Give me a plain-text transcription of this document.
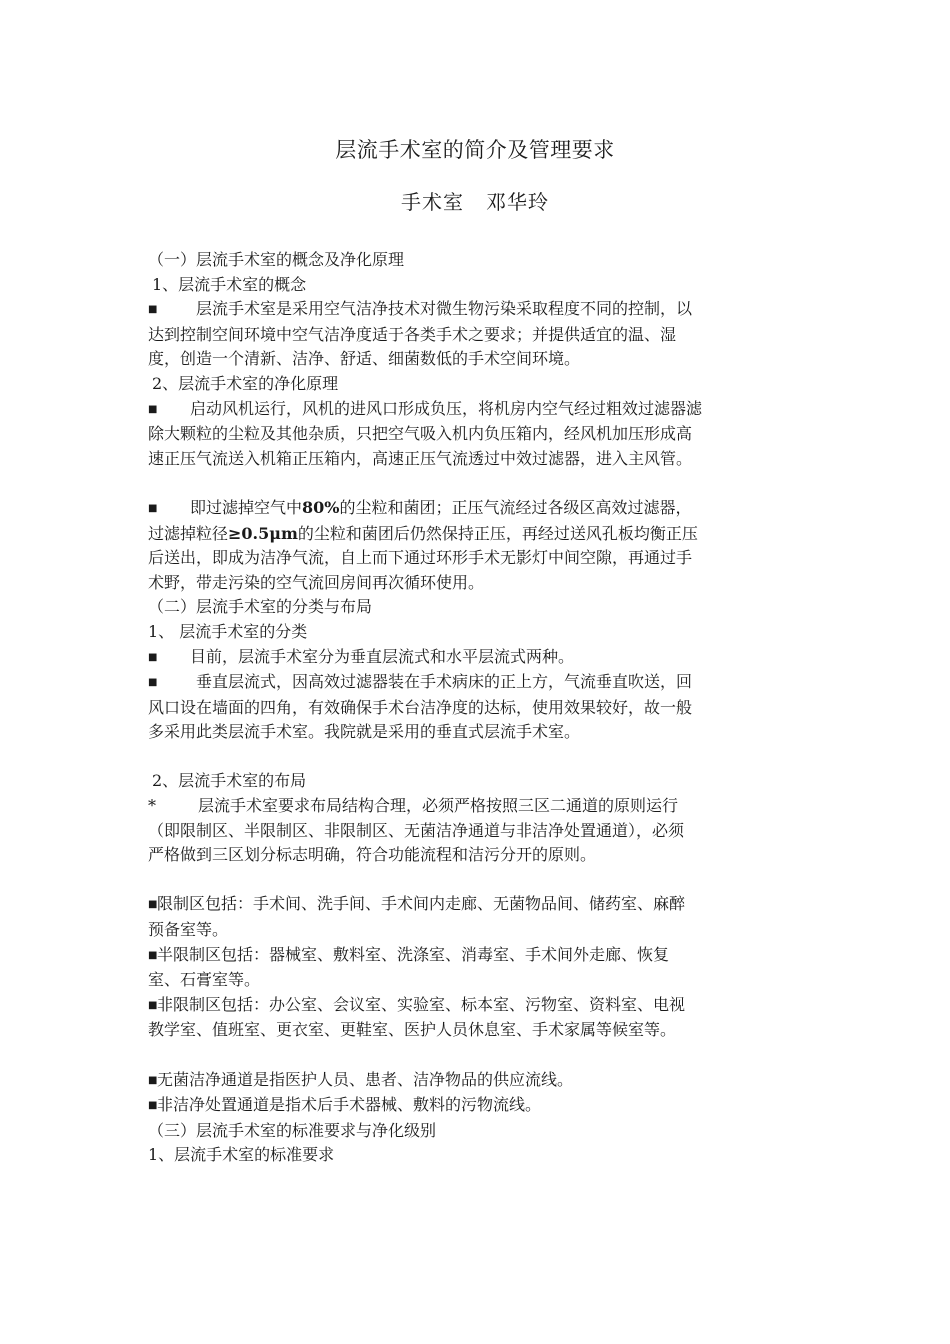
层流手术室的简介及管理要求
手术室 邓华玲
（一）层流手术室的概念及净化原理
1、层流手术室的概念
■ 层流手术室是采用空气洁净技术对微生物污染采取程度不同的控制，以
达到控制空间环境中空气洁净度适于各类手术之要求；并提供适宜的温、湿
度，创造一个清新、洁净、舒适、细菌数低的手术空间环境。
2、层流手术室的净化原理
■ 启动风机运行，风机的进风口形成负压，将机房内空气经过粗效过滤器滤
除大颗粒的尘粒及其他杂质，只把空气吸入机内负压箱内，经风机加压形成高
速正压气流送入机箱正压箱内，高速正压气流透过中效过滤器，进入主风管。
■ 即过滤掉空气中80%的尘粒和菌团；正压气流经过各级区高效过滤器，
过滤掉粒径≥0.5μm的尘粒和菌团后仍然保持正压，再经过送风孔板均衡正压
后送出，即成为洁净气流，自上而下通过环形手术无影灯中间空隙，再通过手
术野，带走污染的空气流回房间再次循环使用。
（二）层流手术室的分类与布局
1、 层流手术室的分类
■ 目前，层流手术室分为垂直层流式和水平层流式两种。
■ 垂直层流式，因高效过滤器装在手术病床的正上方，气流垂直吹送，回
风口设在墙面的四角，有效确保手术台洁净度的达标，使用效果较好，故一般
多采用此类层流手术室。我院就是采用的垂直式层流手术室。
2、层流手术室的布局
*	层流手术室要求布局结构合理，必须严格按照三区二通道的原则运行
（即限制区、半限制区、非限制区、无菌洁净通道与非洁净处置通道），必须
严格做到三区划分标志明确，符合功能流程和洁污分开的原则。
■限制区包括：手术间、洗手间、手术间内走廊、无菌物品间、储药室、麻醉
预备室等。
■半限制区包括：器械室、敷料室、洗涤室、消毒室、手术间外走廊、恢复
室、石膏室等。
■非限制区包括：办公室、会议室、实验室、标本室、污物室、资料室、电视
教学室、值班室、更衣室、更鞋室、医护人员休息室、手术家属等候室等。
■无菌洁净通道是指医护人员、患者、洁净物品的供应流线。
■非洁净处置通道是指术后手术器械、敷料的污物流线。
（三）层流手术室的标准要求与净化级别
1、层流手术室的标准要求
